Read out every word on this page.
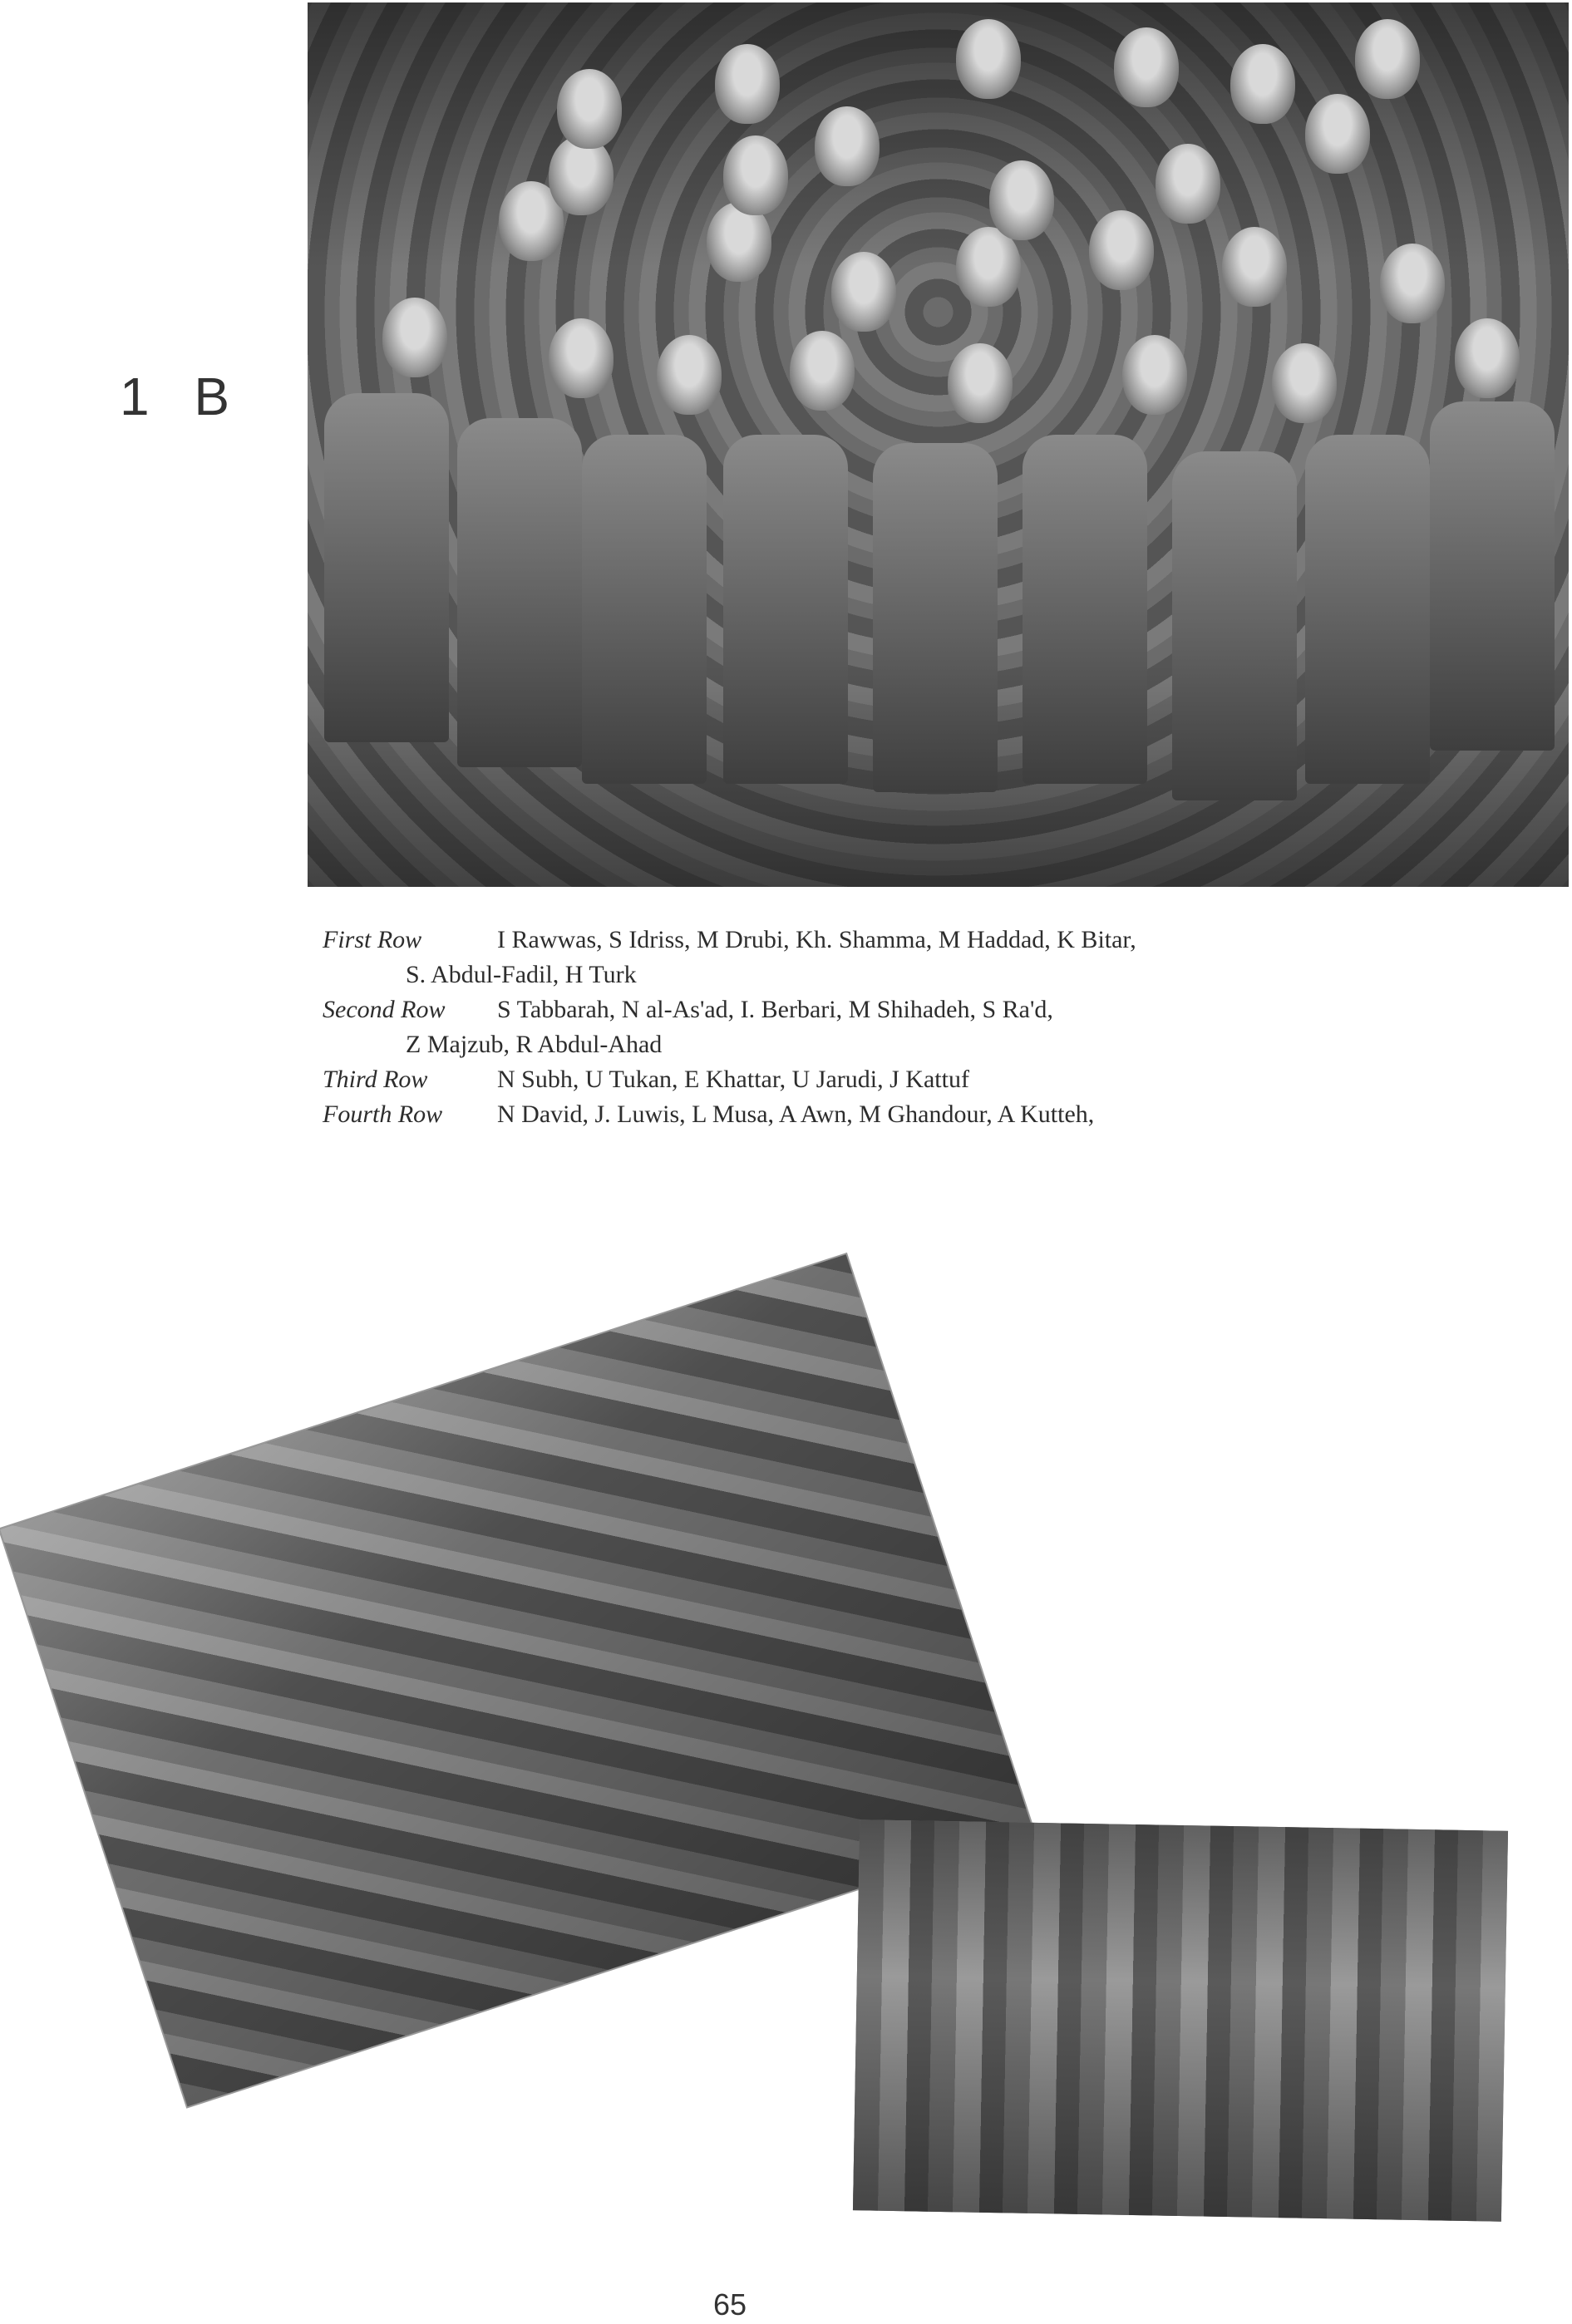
1 B
First Row	I Rawwas, S Idriss, M Drubi, Kh. Shamma, M Haddad, K Bitar,
S. Abdul-Fadil, H Turk
Second Row S Tabbarah, N al-As'ad, I. Berbari, M Shihadeh, S Ra'd,
Z Majzub, R Abdul-Ahad
Third Row	N Subh, U Tukan, E Khattar, U Jarudi, J Kattuf
Fourth Row N David, J. Luwis, L Musa, A Awn, M Ghandour, A Kutteh,
65
